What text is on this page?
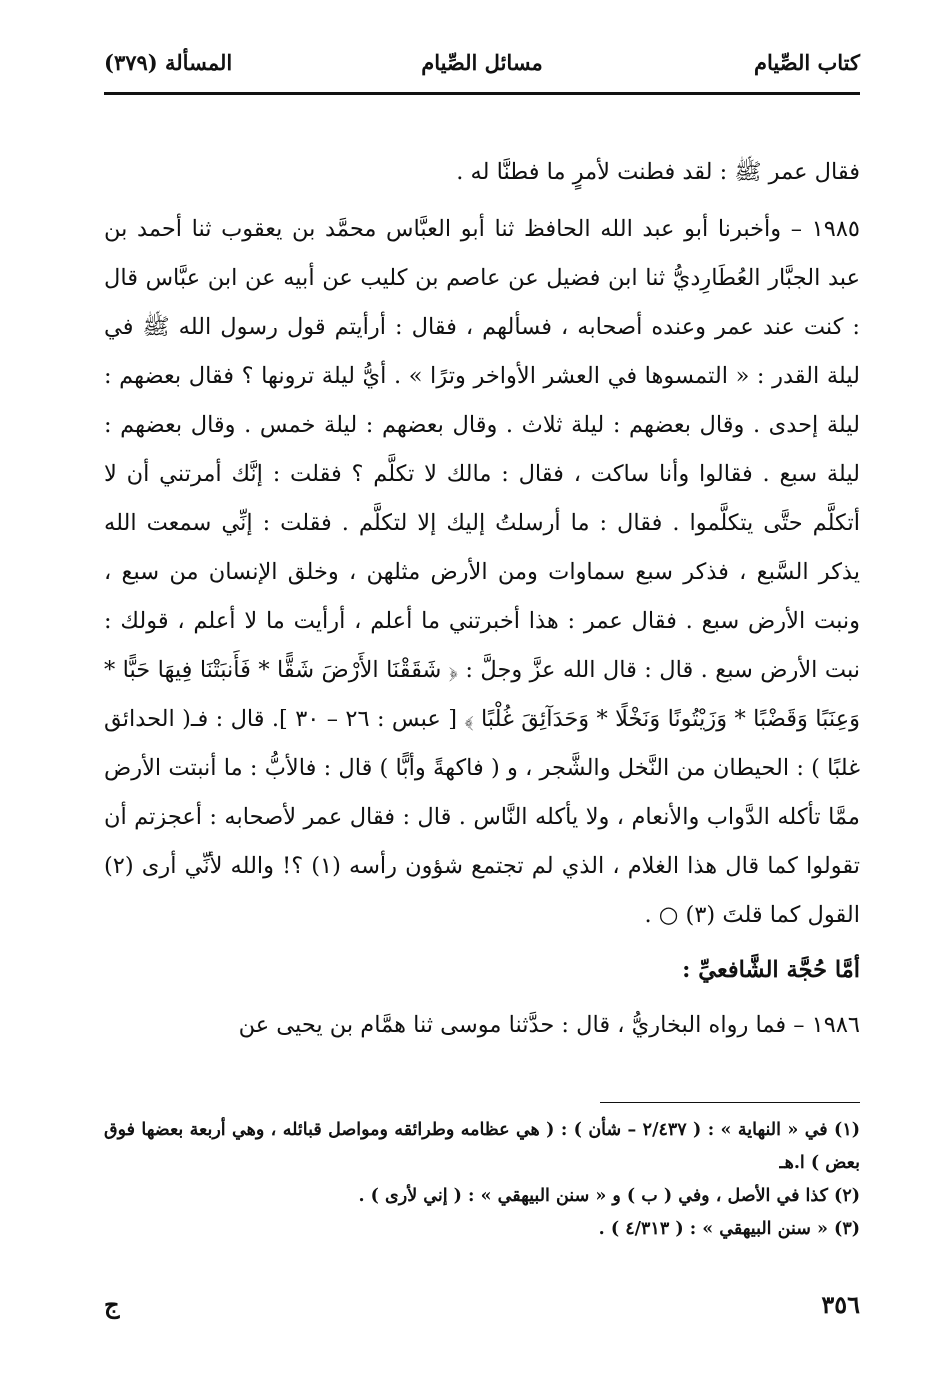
كتاب الصِّيام
مسائل الصِّيام
المسألة (٣٧٩)

فقال عمر ﷺ : لقد فطنت لأمرٍ ما فطنَّا له .

١٩٨٥ – وأخبرنا أبو عبد الله الحافظ ثنا أبو العبَّاس محمَّد بن يعقوب ثنا أحمد بن عبد الجبَّار العُطَارِديُّ ثنا ابن فضيل عن عاصم بن كليب عن أبيه عن ابن عبَّاس قال : كنت عند عمر وعنده أصحابه ، فسألهم ، فقال : أرأيتم قول رسول الله ﷺ في ليلة القدر : « التمسوها في العشر الأواخر وترًا » . أيُّ ليلة ترونها ؟ فقال بعضهم : ليلة إحدى . وقال بعضهم : ليلة ثلاث . وقال بعضهم : ليلة خمس . وقال بعضهم : ليلة سبع . فقالوا وأنا ساكت ، فقال : مالك لا تكلَّم ؟ فقلت : إنَّك أمرتني أن لا أتكلَّم حتَّى يتكلَّموا . فقال : ما أرسلتُ إليك إلا لتكلَّم . فقلت : إنِّي سمعت الله يذكر السَّبع ، فذكر سبع سماوات ومن الأرض مثلهن ، وخلق الإنسان من سبع ، ونبت الأرض سبع . فقال عمر : هذا أخبرتني ما أعلم ، أرأيت ما لا أعلم ، قولك : نبت الأرض سبع . قال : قال الله عزَّ وجلَّ : ﴿ شَقَقْنَا الأَرْضَ شَقًّا * فَأَنبَتْنَا فِيهَا حَبًّا * وَعِنَبًا وَقَضْبًا * وَزَيْتُونًا وَنَخْلًا * وَحَدَآئِقَ غُلْبًا ﴾ [ عبس : ٢٦ – ٣٠ ]. قال : فـ( الحدائق غلبًا ) : الحيطان من النَّخل والشَّجر ، و ( فاكهةً وأبًّا ) قال : فالأبُّ : ما أنبتت الأرض ممَّا تأكله الدَّواب والأنعام ، ولا يأكله النَّاس . قال : فقال عمر لأصحابه : أعجزتم أن تقولوا كما قال هذا الغلام ، الذي لم تجتمع شؤون رأسه (١) ؟! والله لأنِّي أرى (٢) القول كما قلتَ (٣) ○ .

أمَّا حُجَّة الشَّافعيِّ :

١٩٨٦ – فما رواه البخاريُّ ، قال : حدَّثنا موسى ثنا همَّام بن يحيى عن

(١) في « النهاية » : ( ٢/٤٣٧ – شأن ) : ( هي عظامه وطرائقه ومواصل قبائله ، وهي أربعة بعضها فوق بعض ) ا.هـ

(٢) كذا في الأصل ، وفي ( ب ) و « سنن البيهقي » : ( إني لأرى ) .

(٣) « سنن البيهقي » : ( ٤/٣١٣ ) .

٣٥٦
ج
